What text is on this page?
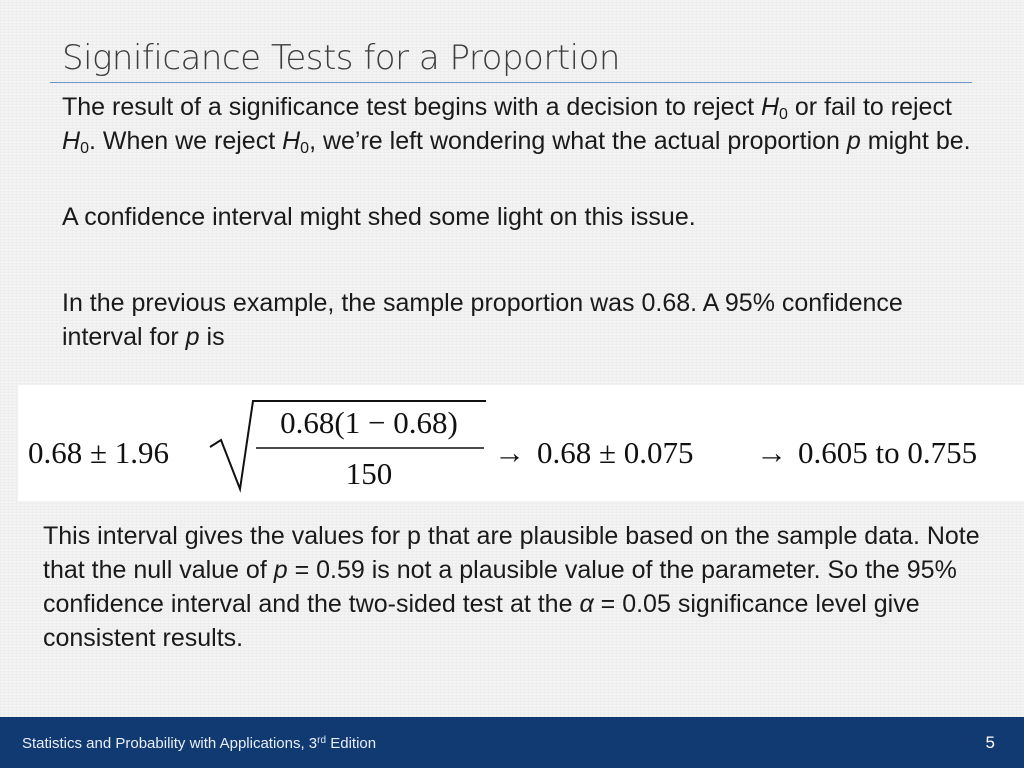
Significance Tests for a Proportion

The result of a significance test begins with a decision to reject $H_0$ or fail to reject $H_0$. When we reject $H_0$, we’re left wondering what the actual proportion p might be.

A confidence interval might shed some light on this issue.

In the previous example, the sample proportion was 0.68. A 95% confidence interval for p is

0.68 ± 1.96
0.68(1 − 0.68)
150
→ 0.68 ± 0.075 → 0.605 to 0.755

This interval gives the values for p that are plausible based on the sample data. Note that the null value of p = 0.59 is not a plausible value of the parameter. So the 95% confidence interval and the two-sided test at the α = 0.05 significance level give consistent results.

Statistics and Probability with Applications, 3rd Edition	5
